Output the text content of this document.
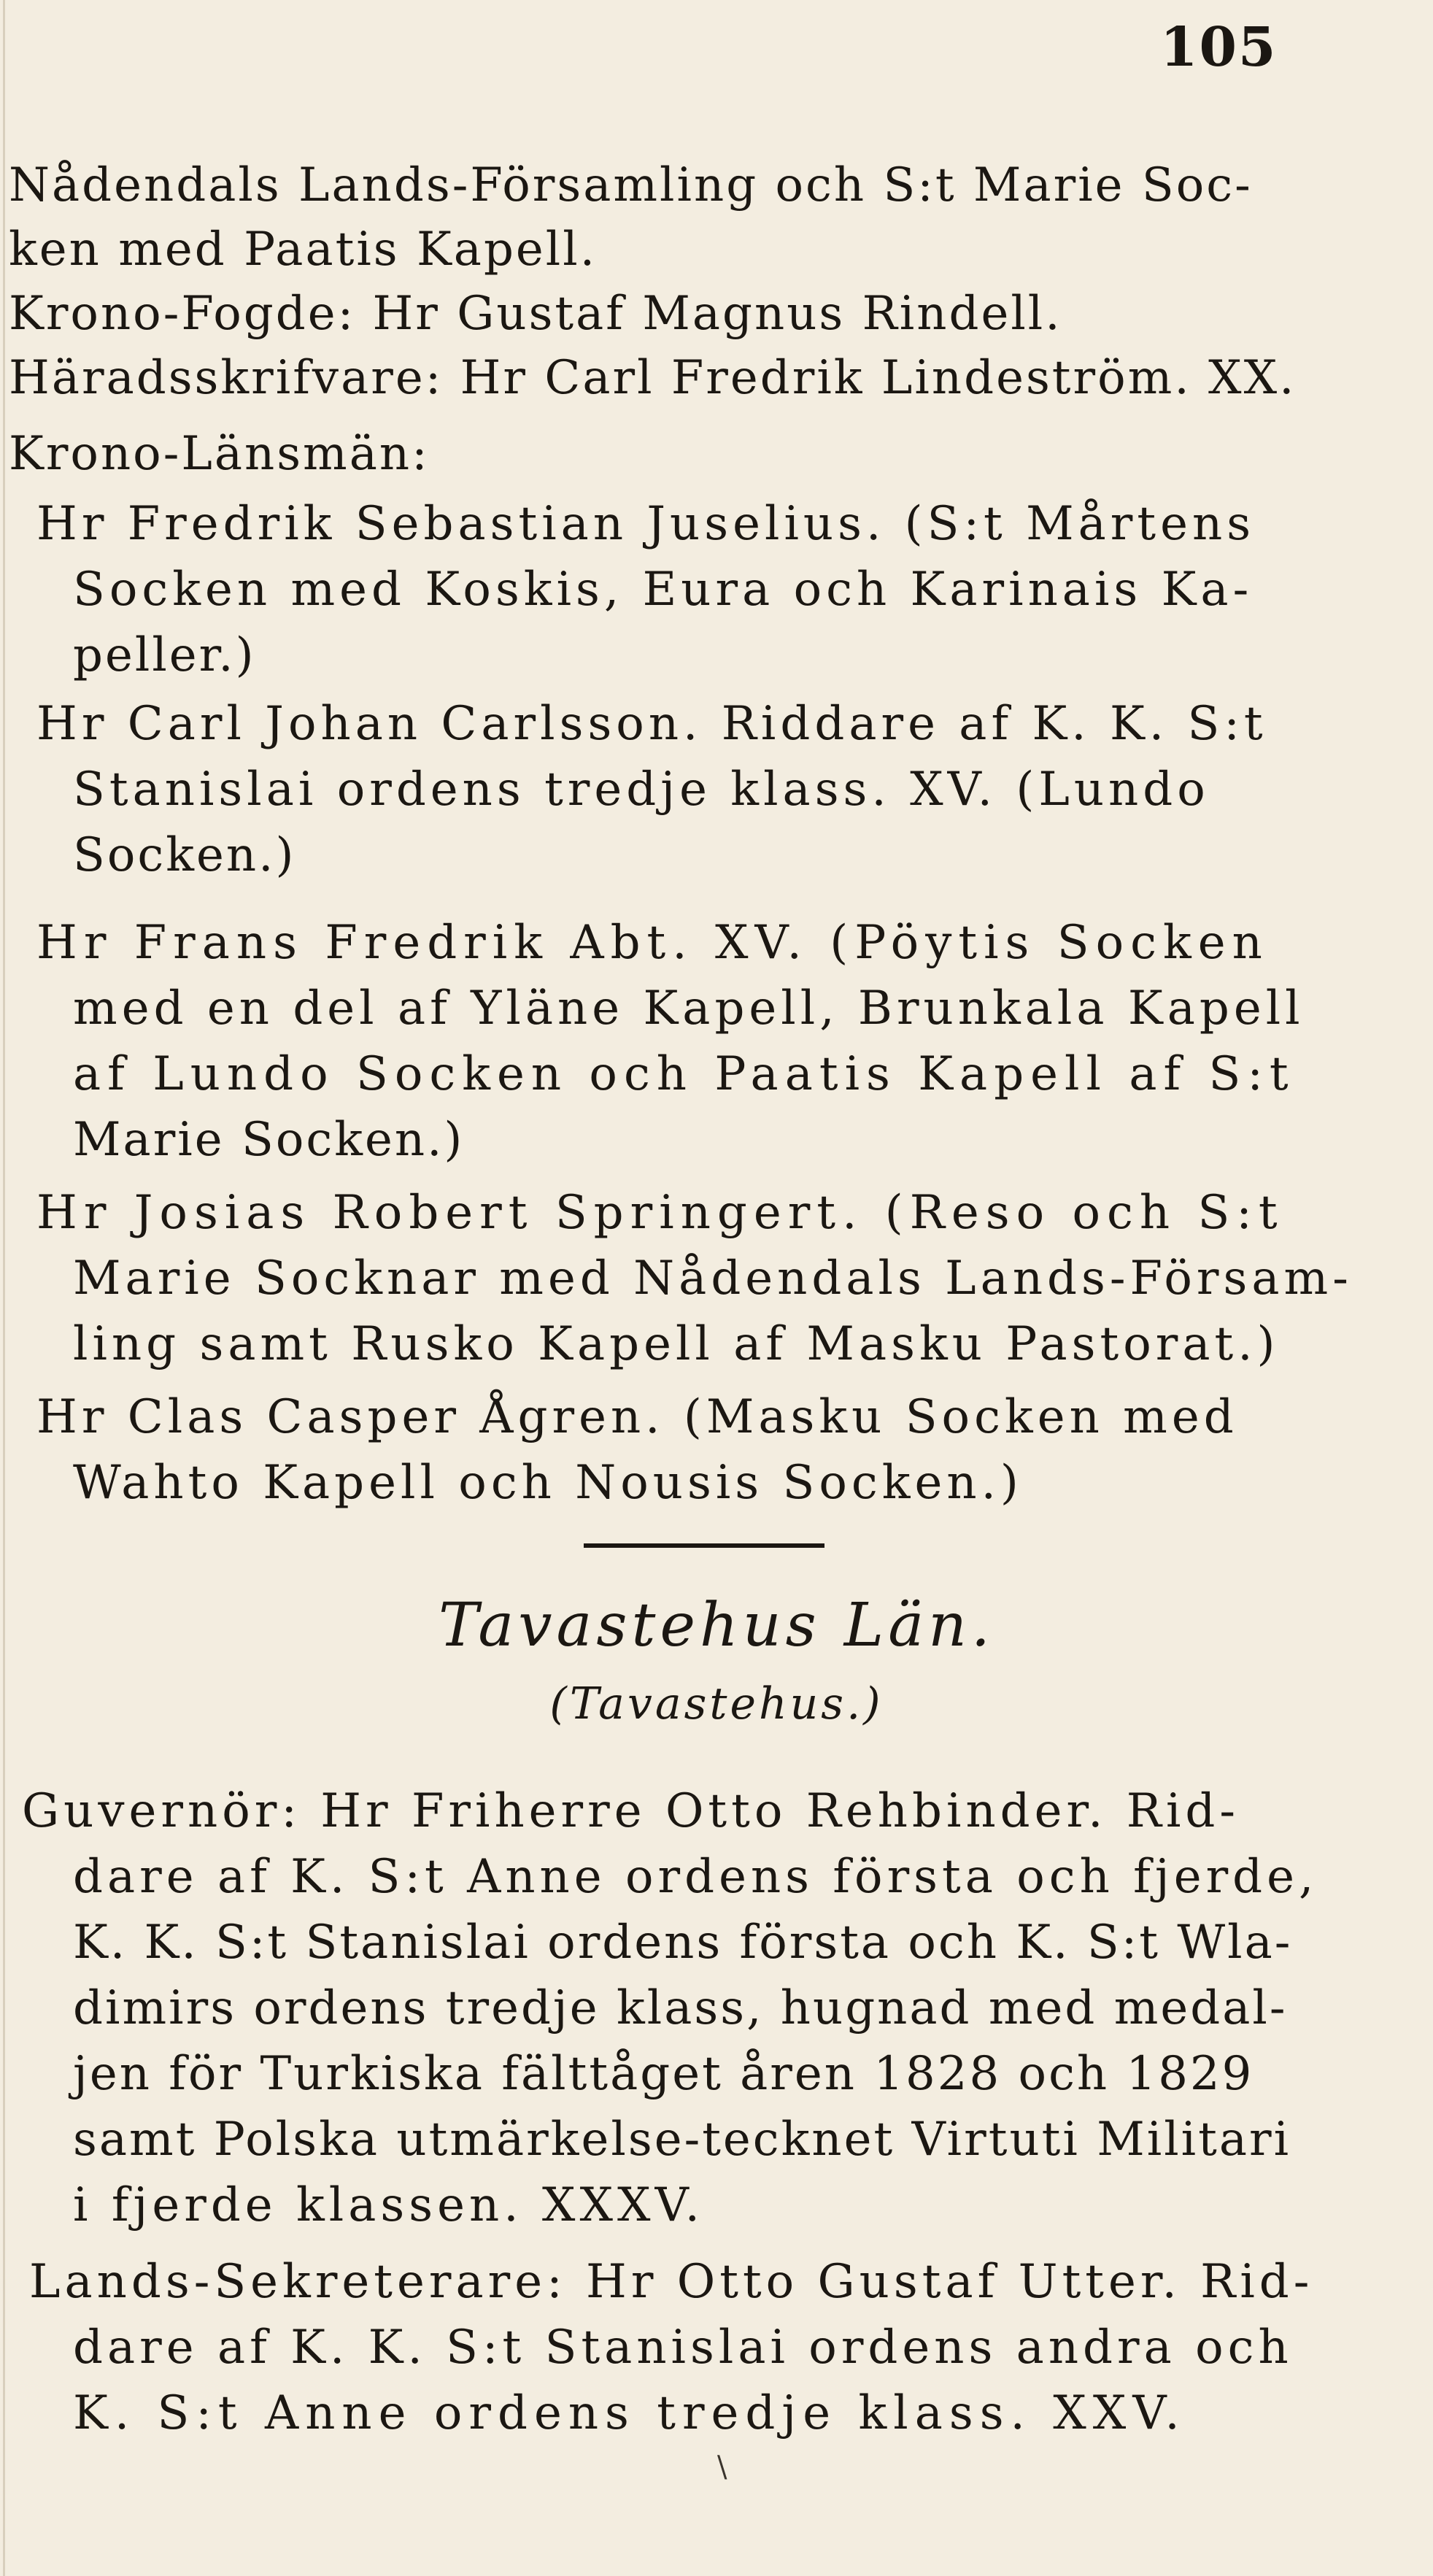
105
Nådendals Lands-Församling och S:t Marie Soc-
ken med Paatis Kapell.
Krono-Fogde: Hr Gustaf Magnus Rindell.
Häradsskrifvare: Hr Carl Fredrik Lindeström. XX.
Krono-Länsmän:
Hr Fredrik Sebastian Juselius. (S:t Mårtens
Socken med Koskis, Eura och Karinais Ka-
peller.)
Hr Carl Johan Carlsson. Riddare af K. K. S:t
Stanislai ordens tredje klass. XV. (Lundo
Socken.)
Hr Frans Fredrik Abt. XV. (Pöytis Socken
med en del af Yläne Kapell, Brunkala Kapell
af Lundo Socken och Paatis Kapell af S:t
Marie Socken.)
Hr Josias Robert Springert. (Reso och S:t
Marie Socknar med Nådendals Lands-Försam-
ling samt Rusko Kapell af Masku Pastorat.)
Hr Clas Casper Ågren. (Masku Socken med
Wahto Kapell och Nousis Socken.)
Tavastehus Län.
(Tavastehus.)
Guvernör: Hr Friherre Otto Rehbinder. Rid-
dare af K. S:t Anne ordens första och fjerde,
K. K. S:t Stanislai ordens första och K. S:t Wla-
dimirs ordens tredje klass, hugnad med medal-
jen för Turkiska fälttåget åren 1828 och 1829
samt Polska utmärkelse-tecknet Virtuti Militari
i fjerde klassen. XXXV.
Lands-Sekreterare: Hr Otto Gustaf Utter. Rid-
dare af K. K. S:t Stanislai ordens andra och
K. S:t Anne ordens tredje klass. XXV.
\
